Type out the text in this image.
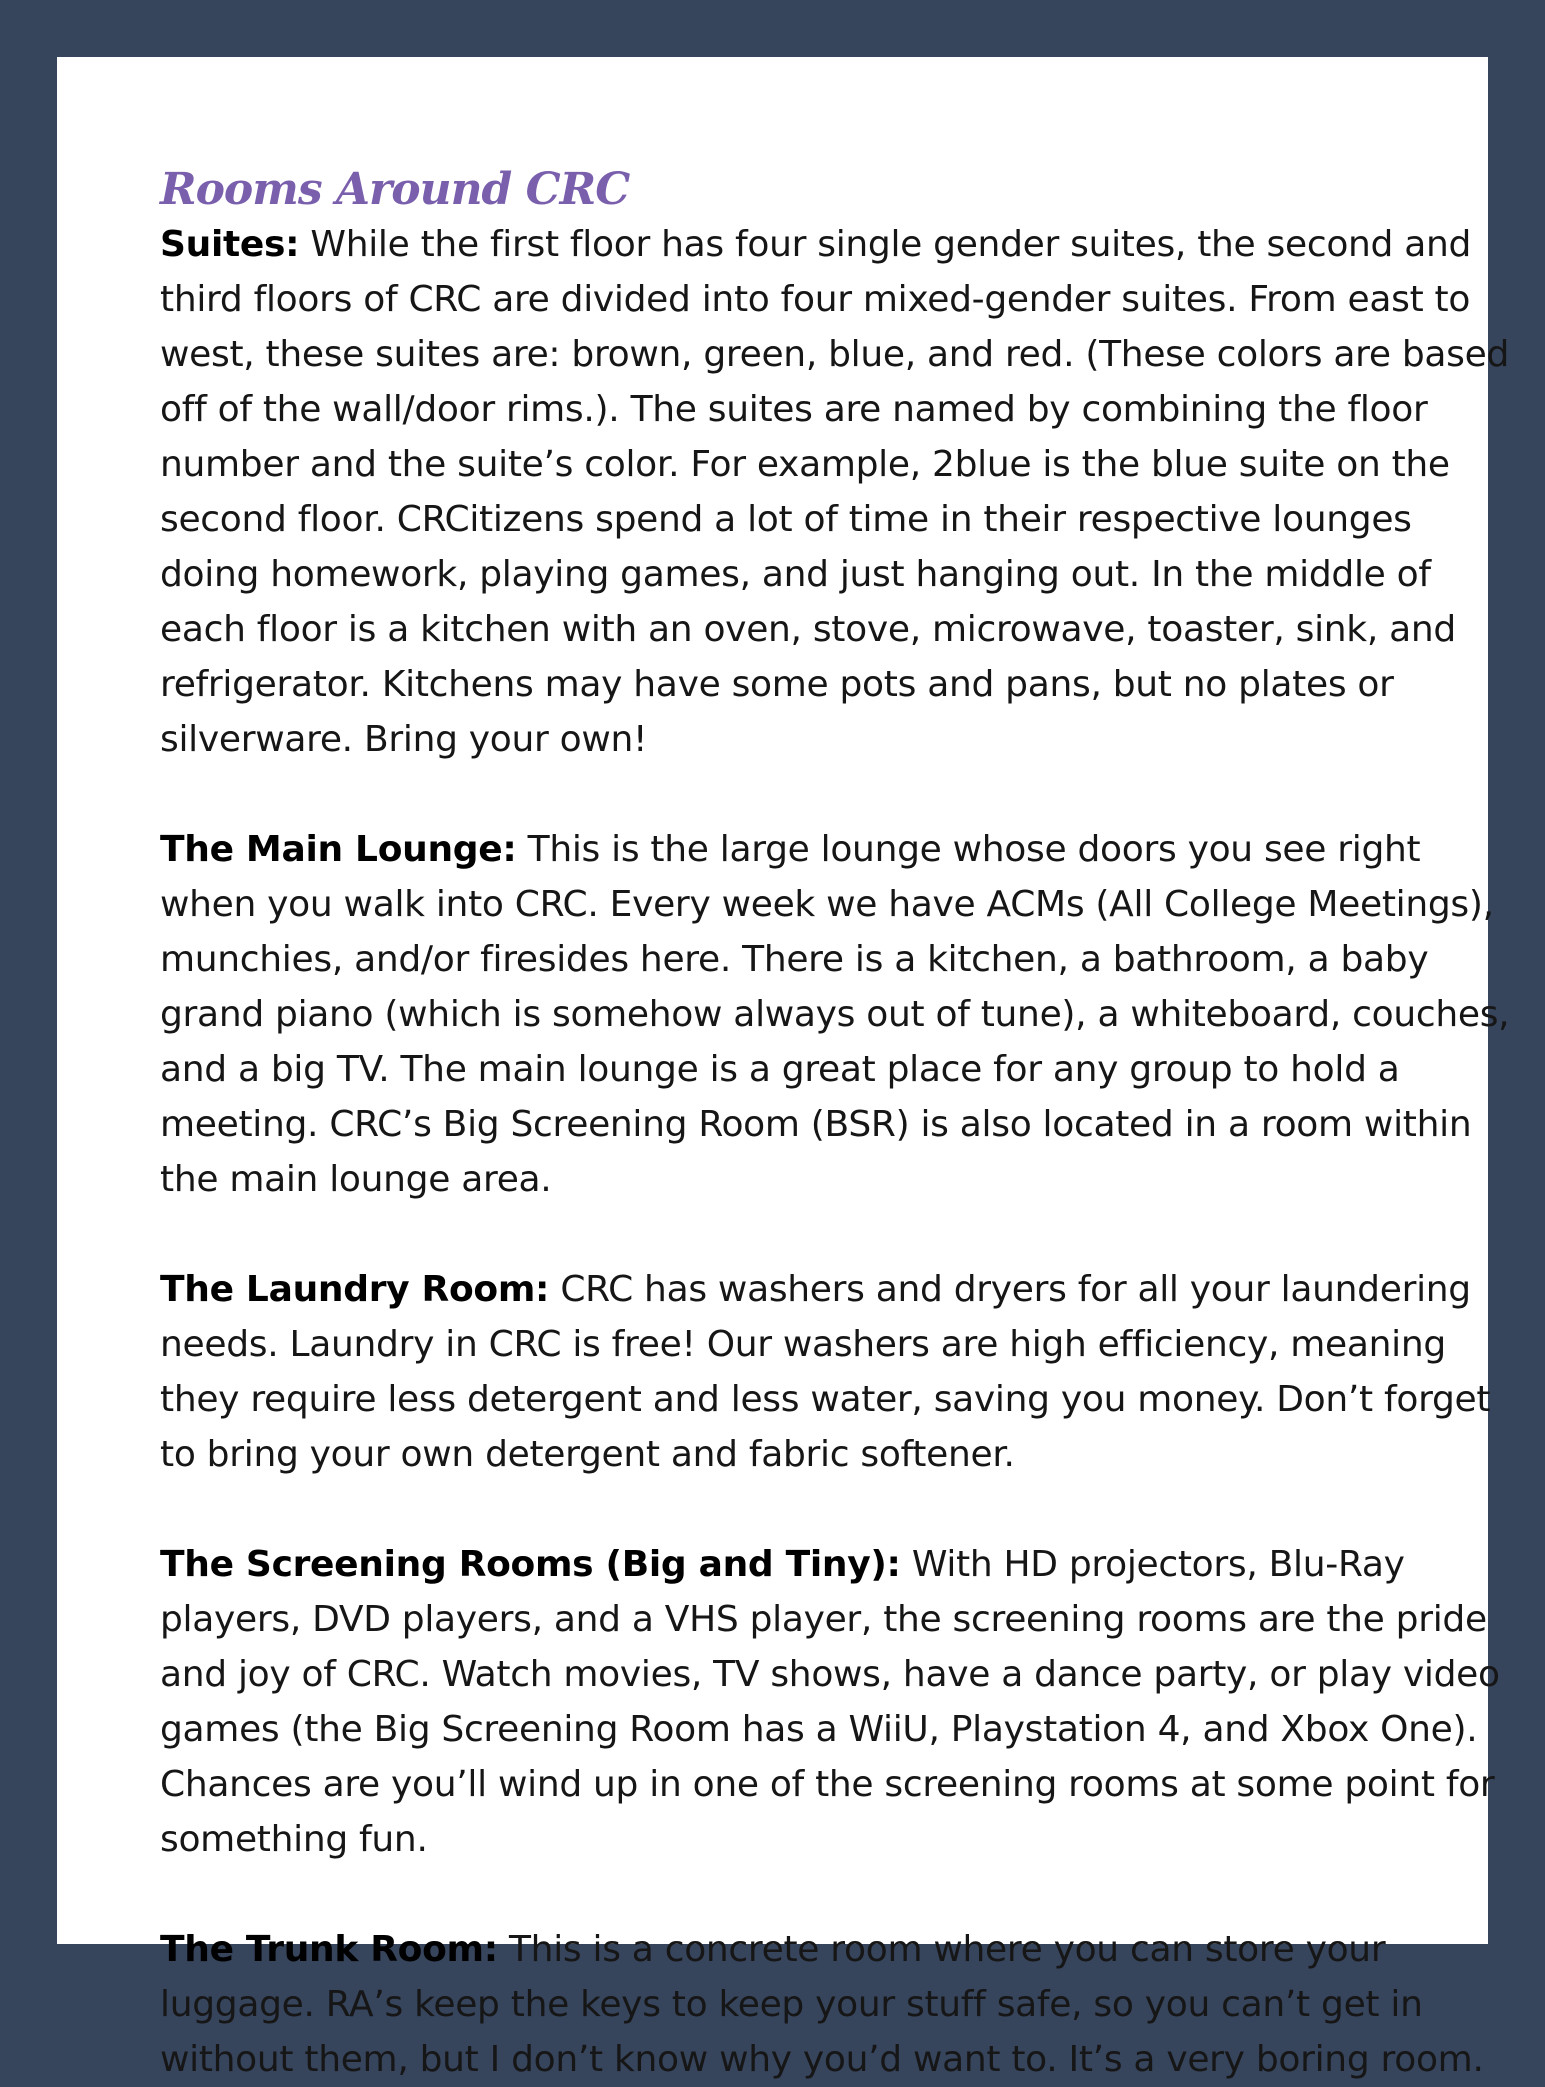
Rooms Around CRC

Suites: While the first floor has four single gender suites, the second and third floors of CRC are divided into four mixed-gender suites. From east to west, these suites are: brown, green, blue, and red. (These colors are based off of the wall/door rims.). The suites are named by combining the floor number and the suite’s color. For example, 2blue is the blue suite on the second floor. CRCitizens spend a lot of time in their respective lounges doing homework, playing games, and just hanging out. In the middle of each floor is a kitchen with an oven, stove, microwave, toaster, sink, and refrigerator. Kitchens may have some pots and pans, but no plates or silverware. Bring your own!

The Main Lounge: This is the large lounge whose doors you see right when you walk into CRC. Every week we have ACMs (All College Meetings), munchies, and/or firesides here. There is a kitchen, a bathroom, a baby grand piano (which is somehow always out of tune), a whiteboard, couches, and a big TV. The main lounge is a great place for any group to hold a meeting. CRC’s Big Screening Room (BSR) is also located in a room within the main lounge area.

The Laundry Room: CRC has washers and dryers for all your laundering needs. Laundry in CRC is free! Our washers are high efficiency, meaning they require less detergent and less water, saving you money. Don’t forget to bring your own detergent and fabric softener.

The Screening Rooms (Big and Tiny): With HD projectors, Blu-Ray players, DVD players, and a VHS player, the screening rooms are the pride and joy of CRC. Watch movies, TV shows, have a dance party, or play video games (the Big Screening Room has a WiiU, Playstation 4, and Xbox One). Chances are you’ll wind up in one of the screening rooms at some point for something fun.

The Trunk Room: This is a concrete room where you can store your luggage. RA’s keep the keys to keep your stuff safe, so you can’t get in without them, but I don’t know why you’d want to. It’s a very boring room.
